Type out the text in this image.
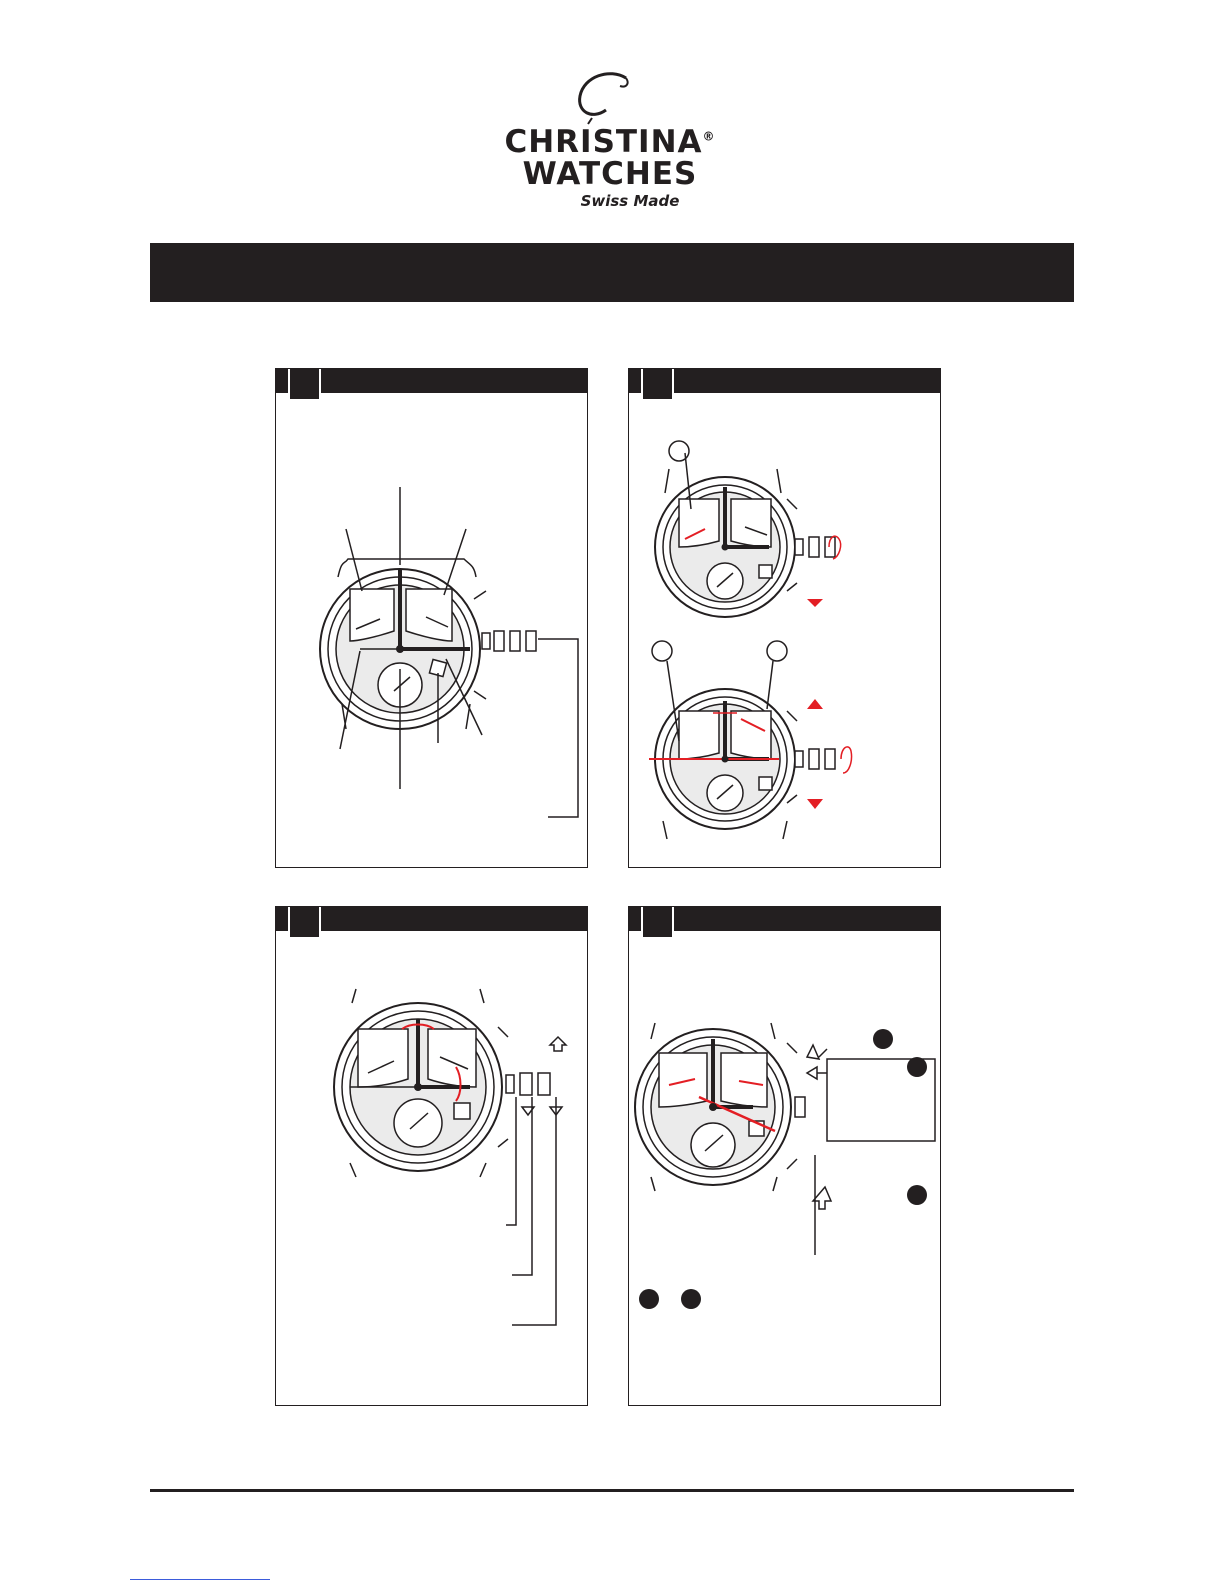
CHRISTINA®
WATCHES
Swiss Made
